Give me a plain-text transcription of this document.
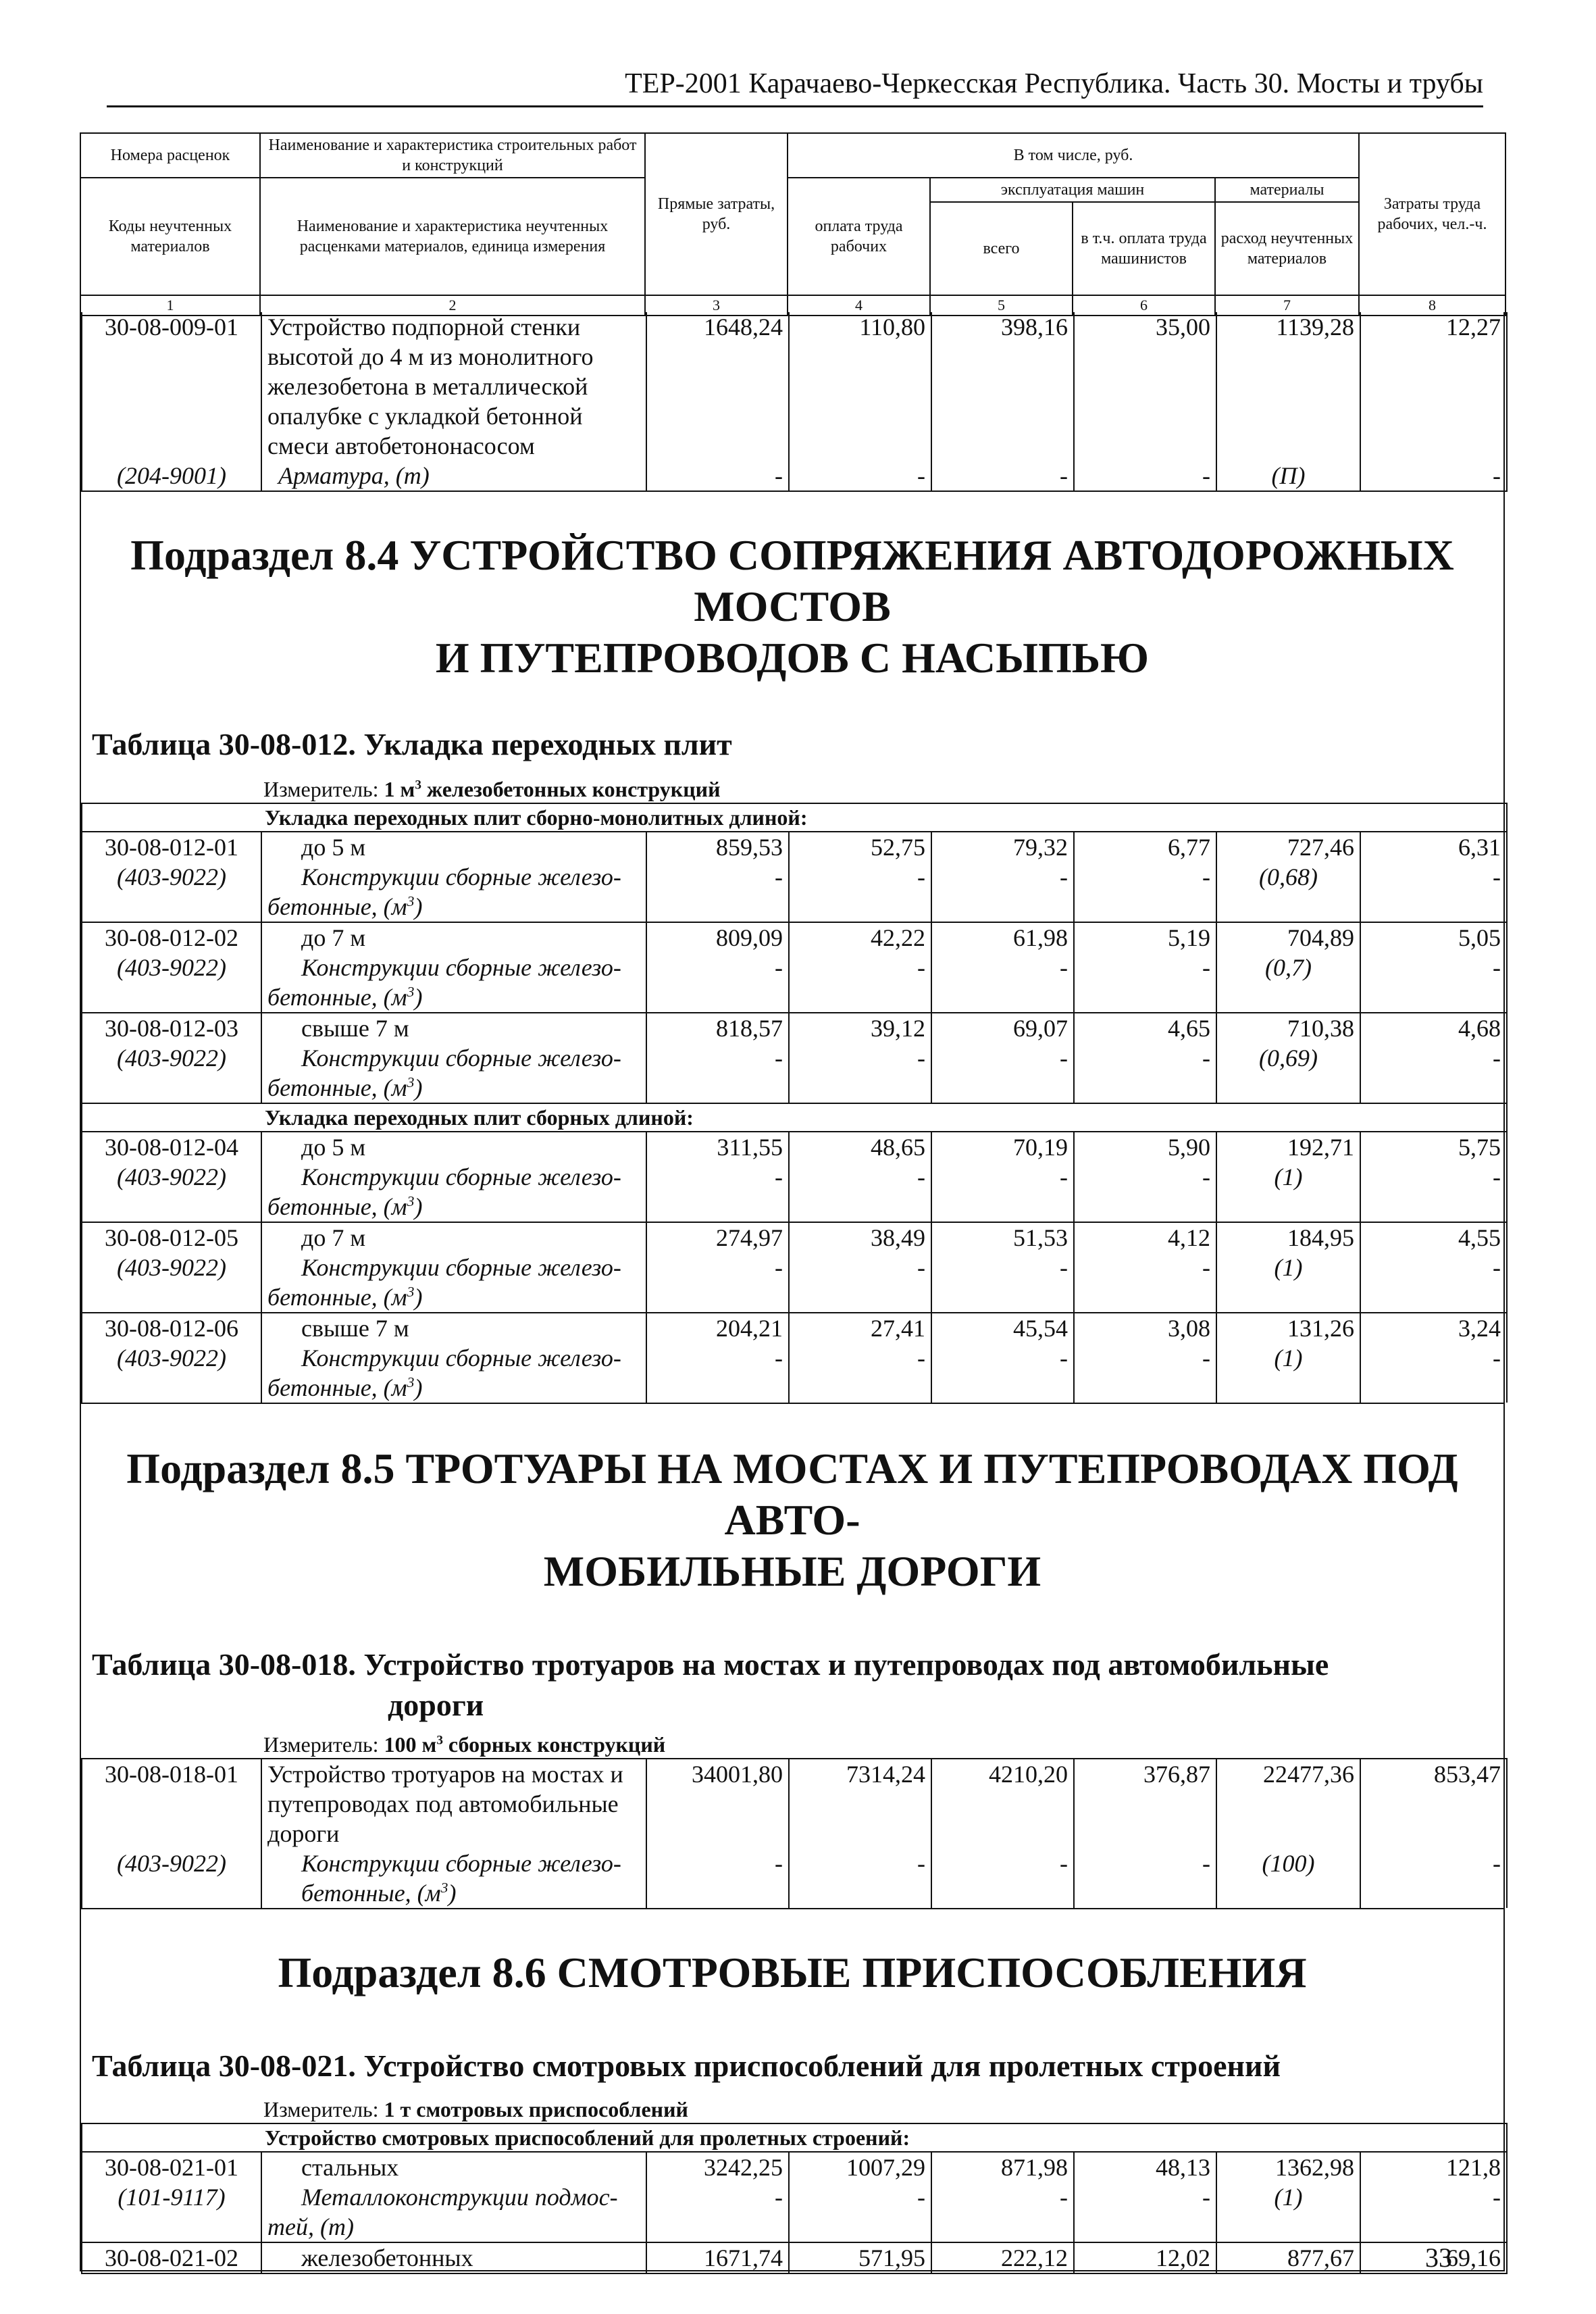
ТЕР-2001 Карачаево-Черкесская Республика. Часть 30. Мосты и трубы
Номера расценок	Наименование и характеристика строительных работ и конструкций	Прямые затраты, руб.	В том числе, руб.				Затраты труда рабочих, чел.-ч.
Коды неучтенных материалов	Наименование и характеристика неучтенных расценками материалов, единица измерения		оплата труда рабочих	эксплуатация машин		материалы	
				всего	в т.ч. оплата труда машинистов	расход неучтенных материалов	
1	2	3	4	5	6	7	8
30-08-009-01	Устройство подпорной стенки
высотой до 4 м из монолитного
железобетона в металлической
опалубке с укладкой бетонной
смеси автобетононасосом	1648,24	110,80	398,16	35,00	1139,28	12,27
(204-9001)	Арматура, (т)	-	-	-	-	(П)	-

Подраздел 8.4 УСТРОЙСТВО СОПРЯЖЕНИЯ АВТОДОРОЖНЫХ МОСТОВ
И ПУТЕПРОВОДОВ С НАСЫПЬЮ

Таблица 30-08-012. Укладка переходных плит

Измеритель: 1 $м^3$ железобетонных конструкций
Укладка переходных плит сборно-монолитных длиной:							
30-08-012-01	до 5 м	859,53	52,75	79,32	6,77	727,46	6,31
(403-9022)	Конструкции сборные железо-
бетонные, $(м^3)$	-	-	-	-	(0,68)	-
30-08-012-02	до 7 м	809,09	42,22	61,98	5,19	704,89	5,05
(403-9022)	Конструкции сборные железо-
бетонные, $(м^3)$	-	-	-	-	(0,7)	-
30-08-012-03	свыше 7 м	818,57	39,12	69,07	4,65	710,38	4,68
(403-9022)	Конструкции сборные железо-
бетонные, $(м^3)$	-	-	-	-	(0,69)	-
Укладка переходных плит сборных длиной:							
30-08-012-04	до 5 м	311,55	48,65	70,19	5,90	192,71	5,75
(403-9022)	Конструкции сборные железо-
бетонные, $(м^3)$	-	-	-	-	(1)	-
30-08-012-05	до 7 м	274,97	38,49	51,53	4,12	184,95	4,55
(403-9022)	Конструкции сборные железо-
бетонные, $(м^3)$	-	-	-	-	(1)	-
30-08-012-06	свыше 7 м	204,21	27,41	45,54	3,08	131,26	3,24
(403-9022)	Конструкции сборные железо-
бетонные, $(м^3)$	-	-	-	-	(1)	-

Подраздел 8.5 ТРОТУАРЫ НА МОСТАХ И ПУТЕПРОВОДАХ ПОД АВТО-
МОБИЛЬНЫЕ ДОРОГИ

Таблица 30-08-018. Устройство тротуаров на мостах и путепроводах под автомобильные
дороги

Измеритель: 100 $м^3$ сборных конструкций
30-08-018-01	Устройство тротуаров на мостах и
путепроводах под автомобильные
дороги	34001,80	7314,24	4210,20	376,87	22477,36	853,47
(403-9022)	Конструкции сборные железо-
бетонные, $(м^3)$	-	-	-	-	(100)	-

Подраздел 8.6 СМОТРОВЫЕ ПРИСПОСОБЛЕНИЯ

Таблица 30-08-021. Устройство смотровых приспособлений для пролетных строений

Измеритель: 1 т смотровых приспособлений
Устройство смотровых приспособлений для пролетных строений:							
30-08-021-01	стальных	3242,25	1007,29	871,98	48,13	1362,98	121,8
(101-9117)	Металлоконструкции подмос-
тей, (т)	-	-	-	-	(1)	-
30-08-021-02	железобетонных	1671,74	571,95	222,12	12,02	877,67	69,16
33
